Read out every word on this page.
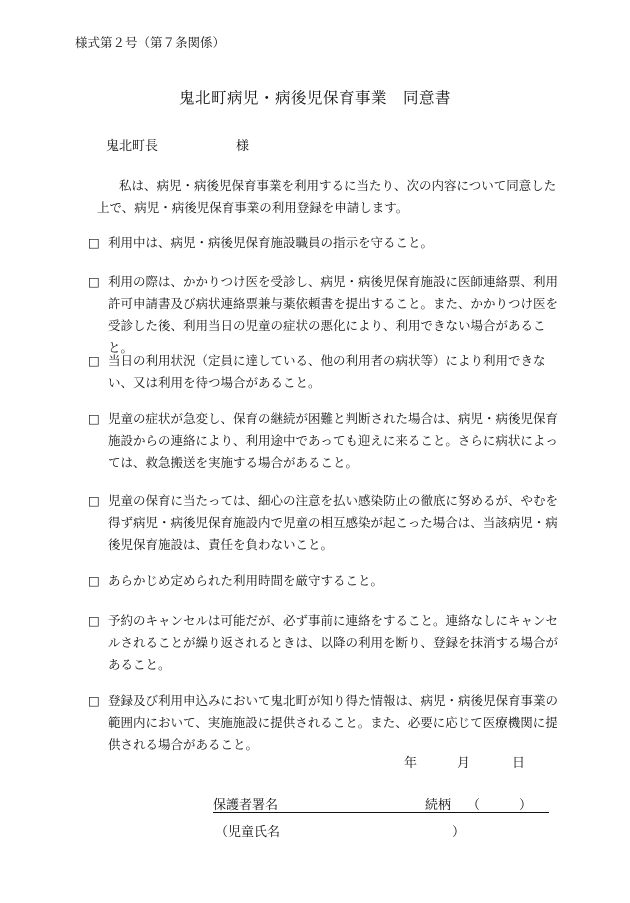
様式第２号（第７条関係）
鬼北町病児・病後児保育事業　同意書
鬼北町長	様
私は、病児・病後児保育事業を利用するに当たり、次の内容について同意した上で、病児・病後児保育事業の利用登録を申請します。
□ 利用中は、病児・病後児保育施設職員の指示を守ること。
□ 利用の際は、かかりつけ医を受診し、病児・病後児保育施設に医師連絡票、利用許可申請書及び病状連絡票兼与薬依頼書を提出すること。また、かかりつけ医を受診した後、利用当日の児童の症状の悪化により、利用できない場合があること。
□ 当日の利用状況（定員に達している、他の利用者の病状等）により利用できない、又は利用を待つ場合があること。
□ 児童の症状が急変し、保育の継続が困難と判断された場合は、病児・病後児保育施設からの連絡により、利用途中であっても迎えに来ること。さらに病状によっては、救急搬送を実施する場合があること。
□ 児童の保育に当たっては、細心の注意を払い感染防止の徹底に努めるが、やむを得ず病児・病後児保育施設内で児童の相互感染が起こった場合は、当該病児・病後児保育施設は、責任を負わないこと。
□ あらかじめ定められた利用時間を厳守すること。
□ 予約のキャンセルは可能だが、必ず事前に連絡をすること。連絡なしにキャンセルされることが繰り返されるときは、以降の利用を断り、登録を抹消する場合があること。
□ 登録及び利用申込みにおいて鬼北町が知り得た情報は、病児・病後児保育事業の範囲内において、実施施設に提供されること。また、必要に応じて医療機関に提供される場合があること。
年	月	日
保護者署名	続柄 （	）
（児童氏名	）
